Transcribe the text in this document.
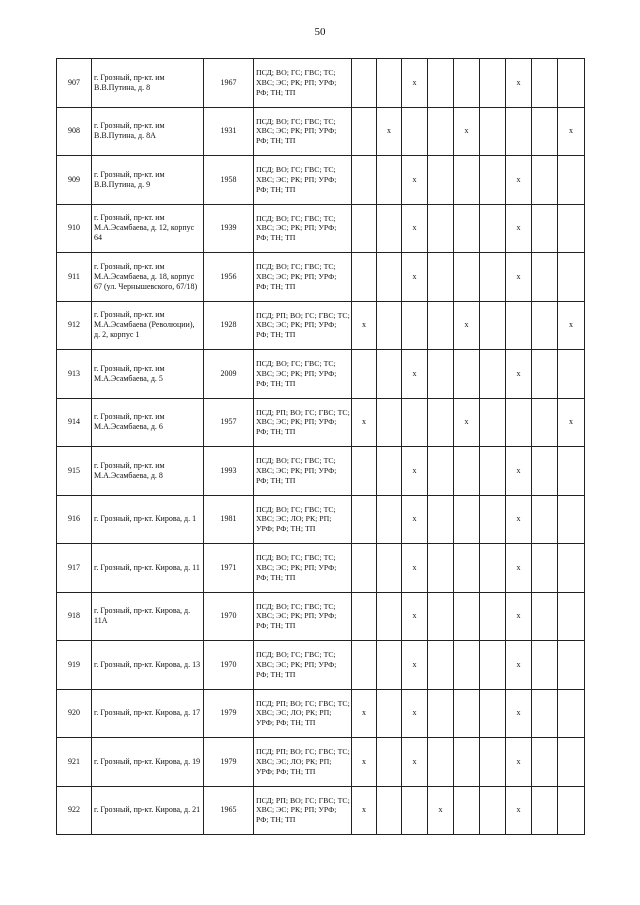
50
907	г. Грозный, пр-кт. им В.В.Путина, д. 8	1967	ПСД; ВО; ГС; ГВС; ТС; ХВС; ЭС; РК; РП; УРФ; РФ; ТН; ТП			x				x		
908	г. Грозный, пр-кт. им В.В.Путина, д. 8А	1931	ПСД; ВО; ГС; ГВС; ТС; ХВС; ЭС; РК; РП; УРФ; РФ; ТН; ТП		x			x				x
909	г. Грозный, пр-кт. им В.В.Путина, д. 9	1958	ПСД; ВО; ГС; ГВС; ТС; ХВС; ЭС; РК; РП; УРФ; РФ; ТН; ТП			x				x		
910	г. Грозный, пр-кт. им М.А.Эсамбаева, д. 12, корпус 64	1939	ПСД; ВО; ГС; ГВС; ТС; ХВС; ЭС; РК; РП; УРФ; РФ; ТН; ТП			x				x		
911	г. Грозный, пр-кт. им М.А.Эсамбаева, д. 18, корпус 67 (ул. Чернышевского, 67/18)	1956	ПСД; ВО; ГС; ГВС; ТС; ХВС; ЭС; РК; РП; УРФ; РФ; ТН; ТП			x				x		
912	г. Грозный, пр-кт. им М.А.Эсамбаева (Революции), д. 2, корпус 1	1928	ПСД; РП; ВО; ГС; ГВС; ТС; ХВС; ЭС; РК; РП; УРФ; РФ; ТН; ТП	x				x				x
913	г. Грозный, пр-кт. им М.А.Эсамбаева, д. 5	2009	ПСД; ВО; ГС; ГВС; ТС; ХВС; ЭС; РК; РП; УРФ; РФ; ТН; ТП			x				x		
914	г. Грозный, пр-кт. им М.А.Эсамбаева, д. 6	1957	ПСД; РП; ВО; ГС; ГВС; ТС; ХВС; ЭС; РК; РП; УРФ; РФ; ТН; ТП	x				x				x
915	г. Грозный, пр-кт. им М.А.Эсамбаева, д. 8	1993	ПСД; ВО; ГС; ГВС; ТС; ХВС; ЭС; РК; РП; УРФ; РФ; ТН; ТП			x				x		
916	г. Грозный, пр-кт. Кирова, д. 1	1981	ПСД; ВО; ГС; ГВС; ТС; ХВС; ЭС; ЛО; РК; РП; УРФ; РФ; ТН; ТП			x				x		
917	г. Грозный, пр-кт. Кирова, д. 11	1971	ПСД; ВО; ГС; ГВС; ТС; ХВС; ЭС; РК; РП; УРФ; РФ; ТН; ТП			x				x		
918	г. Грозный, пр-кт. Кирова, д. 11А	1970	ПСД; ВО; ГС; ГВС; ТС; ХВС; ЭС; РК; РП; УРФ; РФ; ТН; ТП			x				x		
919	г. Грозный, пр-кт. Кирова, д. 13	1970	ПСД; ВО; ГС; ГВС; ТС; ХВС; ЭС; РК; РП; УРФ; РФ; ТН; ТП			x				x		
920	г. Грозный, пр-кт. Кирова, д. 17	1979	ПСД; РП; ВО; ГС; ГВС; ТС; ХВС; ЭС; ЛО; РК; РП; УРФ; РФ; ТН; ТП	x		x				x		
921	г. Грозный, пр-кт. Кирова, д. 19	1979	ПСД; РП; ВО; ГС; ГВС; ТС; ХВС; ЭС; ЛО; РК; РП; УРФ; РФ; ТН; ТП	x		x				x		
922	г. Грозный, пр-кт. Кирова, д. 21	1965	ПСД; РП; ВО; ГС; ГВС; ТС; ХВС; ЭС; РК; РП; УРФ; РФ; ТН; ТП	x			x			x		
